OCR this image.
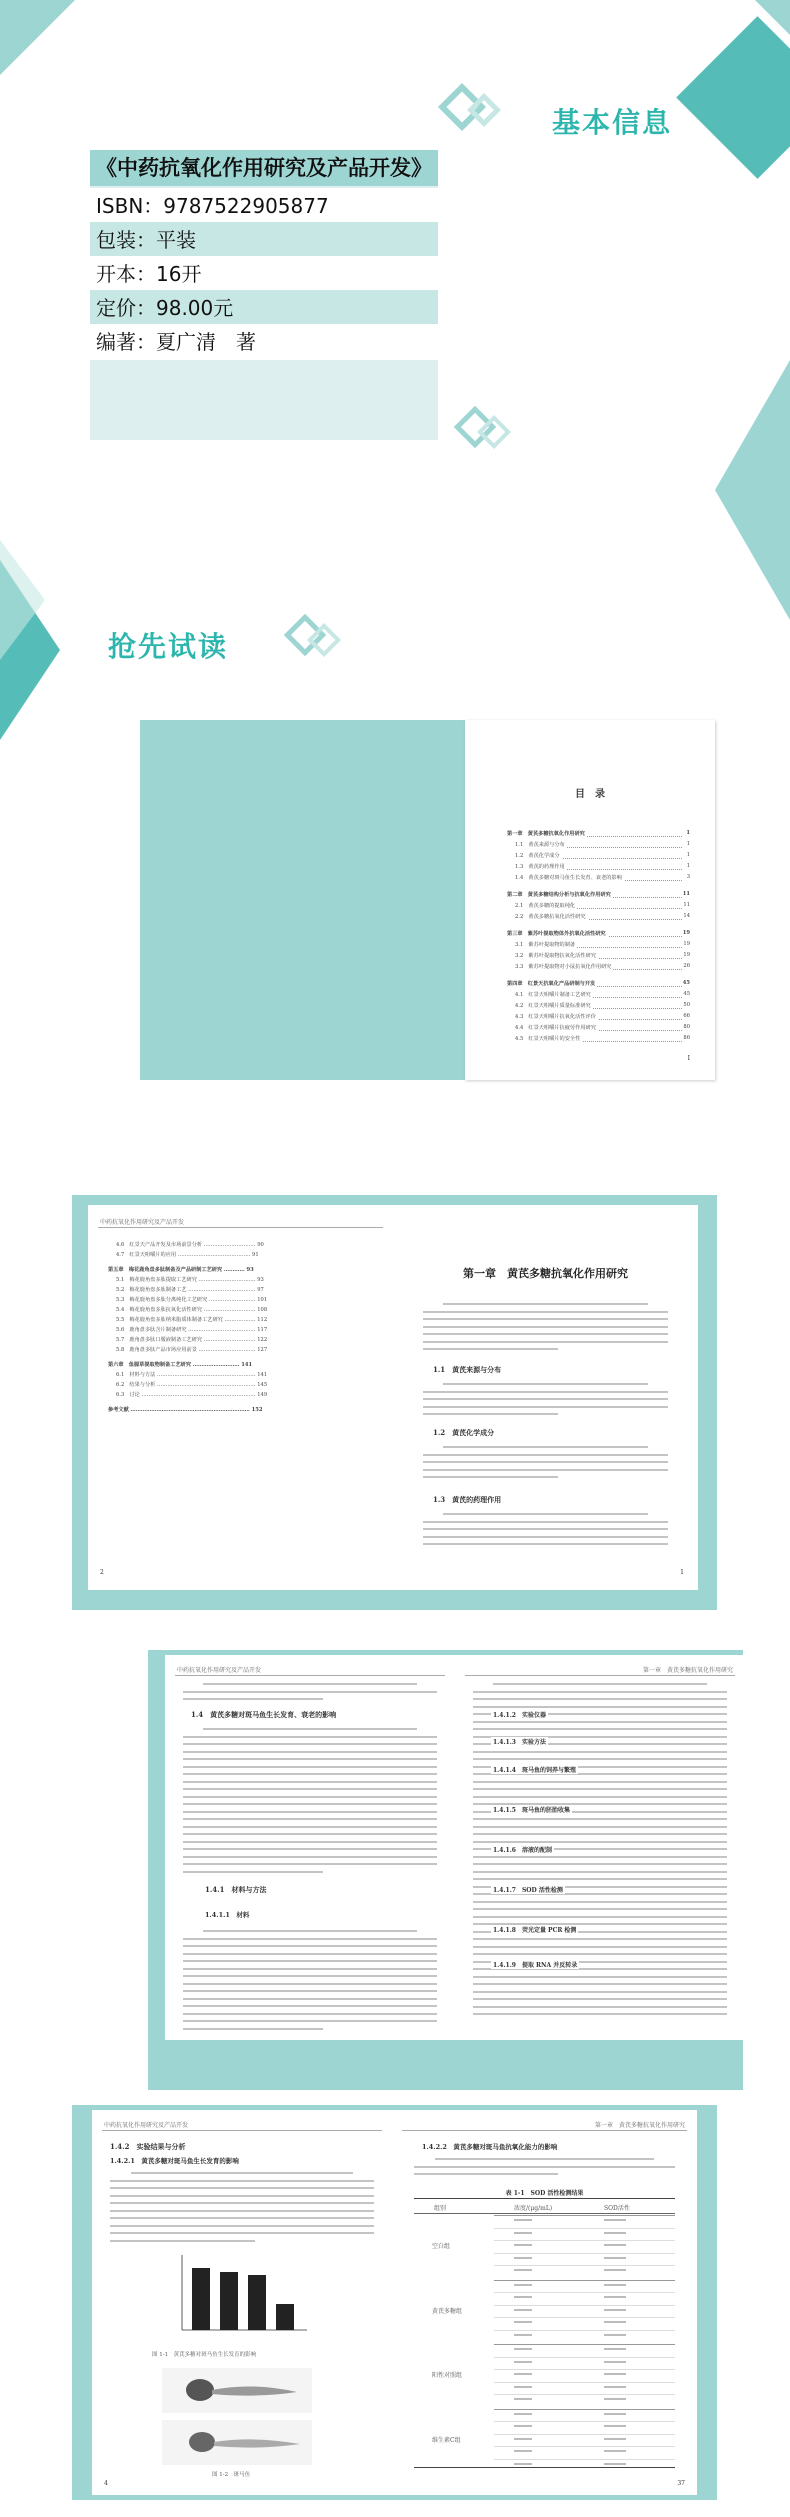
基本信息
《中药抗氧化作用研究及产品开发》
ISBN：9787522905877
包装：平装
开本：16开
定价：98.00元
编著：夏广清　著
抢先试读
目　录
第一章　黄芪多糖抗氧化作用研究	1
1.1　黄芪来源与分布	1
1.2　黄芪化学成分	1
1.3　黄芪的药理作用	1
1.4　黄芪多糖对斑马鱼生长发育、衰老的影响	3
第二章　黄芪多糖结构分析与抗氧化作用研究	11
2.1　黄芪多糖的提取纯化	11
2.2　黄芪多糖抗氧化活性研究	14
第三章　紫苏叶提取物体外抗氧化活性研究	19
3.1　紫苏叶提取物的制备	19
3.2　紫苏叶提取物抗氧化活性研究	19
3.3　紫苏叶提取物对小鼠抗氧化作用研究	26
第四章　红景天抗氧化产品研制与开发	45
4.1　红景天咀嚼片制备工艺研究	45
4.2　红景天咀嚼片质量标准研究	50
4.3　红景天咀嚼片抗氧化活性评价	66
4.4　红景天咀嚼片抗疲劳作用研究	80
4.5　红景天咀嚼片的安全性	86
I
中药抗氧化作用研究及产品开发
4.6　红景天产品开发及市场前景分析 ………………………… 90
4.7　红景天咀嚼片的应用 …………………………………… 91
第五章　梅花鹿角盘多肽制备及产品研制工艺研究 ………… 93
5.1　梅花鹿角盘多肽提取工艺研究 …………………………… 93
5.2　梅花鹿角盘多肽制备工艺 ………………………………… 97
5.3　梅花鹿角盘多肽分离纯化工艺研究 ……………………… 101
5.4　梅花鹿角盘多肽抗氧化活性研究 ………………………… 108
5.5　梅花鹿角盘多肽纳米脂质体制备工艺研究 ……………… 112
5.6　鹿角盘多肽含片制备研究 ………………………………… 117
5.7　鹿角盘多肽口服液制备工艺研究 ………………………… 122
5.8　鹿角盘多肽产品市场应用前景 …………………………… 127
第六章　鱼腥草提取物制备工艺研究 ……………………… 141
6.1　材料与方法 ………………………………………………… 141
6.2　结果与分析 ………………………………………………… 145
6.3　讨论 ………………………………………………………… 149
参考文献 …………………………………………………………… 152
2
第一章　黄芪多糖抗氧化作用研究
1.1　黄芪来源与分布
1.2　黄芪化学成分
1.3　黄芪的药理作用
1
中药抗氧化作用研究及产品开发
1.4　黄芪多糖对斑马鱼生长发育、衰老的影响
1.4.1　材料与方法
1.4.1.1　材料
第一章　黄芪多糖抗氧化作用研究
1.4.1.2　实验仪器
1.4.1.3　实验方法
1.4.1.4　斑马鱼的饲养与繁殖
1.4.1.5　斑马鱼的胚胎收集
1.4.1.6　溶液的配制
1.4.1.7　SOD 活性检测
1.4.1.8　荧光定量 PCR 检测
1.4.1.9　提取 RNA 并反转录
中药抗氧化作用研究及产品开发
1.4.2　实验结果与分析
1.4.2.1　黄芪多糖对斑马鱼生长发育的影响
图 1-1　黄芪多糖对斑马鱼生长发育的影响
图 1-2　斑马鱼
4
第一章　黄芪多糖抗氧化作用研究
1.4.2.2　黄芪多糖对斑马鱼抗氧化能力的影响
表 1-1　SOD 活性检测结果
组别	浓度/(μg/mL)	SOD活性
空白组
黄芪多糖组
阳性对照组
维生素C组
37
